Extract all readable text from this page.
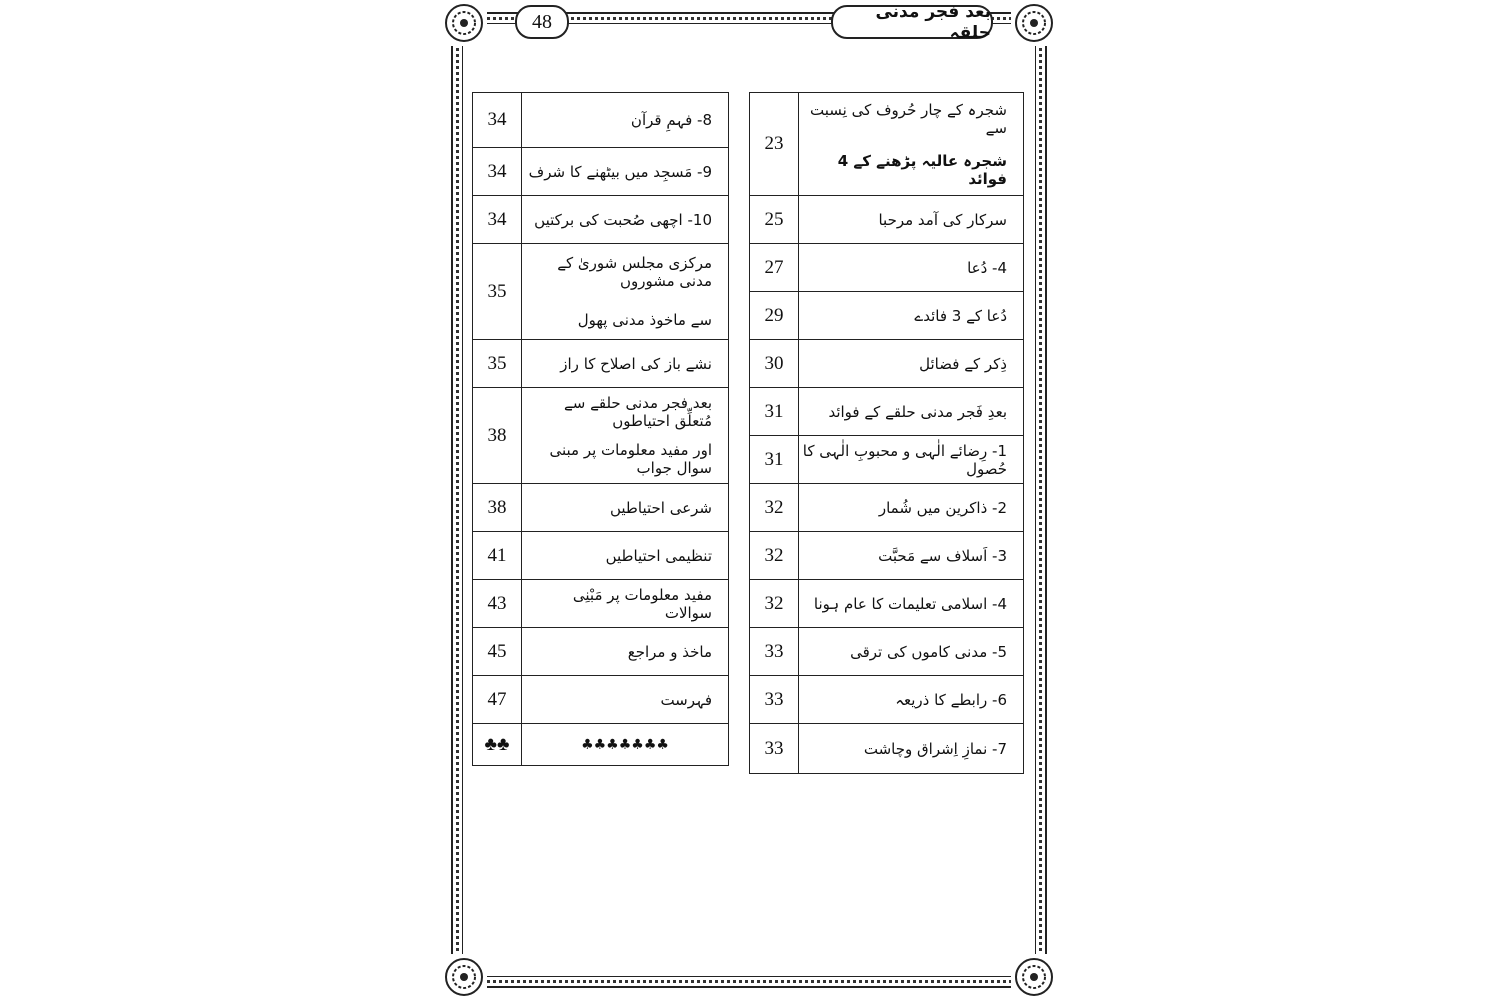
48	بعد فجر مدنی حلقہ
شجرہ کے چار حُروف کی نِسبت سے
شجرہ عالیہ پڑھنے کے 4 فوائد
23
سرکار کی آمد مرحبا
25
4- دُعا
27
دُعا کے 3 فائدے
29
ذِکر کے فضائل
30
بعدِ فَجر مدنی حلقے کے فوائد
31
1- رِضائے الٰہی و محبوبِ الٰہی کا حُصول
31
2- ذاکرین میں شُمار
32
3- اَسلاف سے مَحبَّت
32
4- اسلامی تعلیمات کا عام ہونا
32
5- مدنی کاموں کی ترقی
33
6- رابطے کا ذریعہ
33
7- نمازِ اِشراق وچاشت
33
8- فہمِ قرآن
34
9- مَسجِد میں بیٹھنے کا شرف
34
10- اچھی صُحبت کی برکتیں
34
مرکزی مجلس شوریٰ کے مدنی مشوروں
سے ماخوذ مدنی پھول
35
نشے باز کی اصلاح کا راز
35
بعد فجر مدنی حلقے سے مُتعلِّق احتیاطوں
اور مفید معلومات پر مبنی سوال جواب
38
شرعی احتیاطیں
38
تنظیمی احتیاطیں
41
مفید معلومات پر مَبْنِی سوالات
43
ماخذ و مراجع
45
فہرست
47
♣♣♣♣♣♣♣
♣♣
